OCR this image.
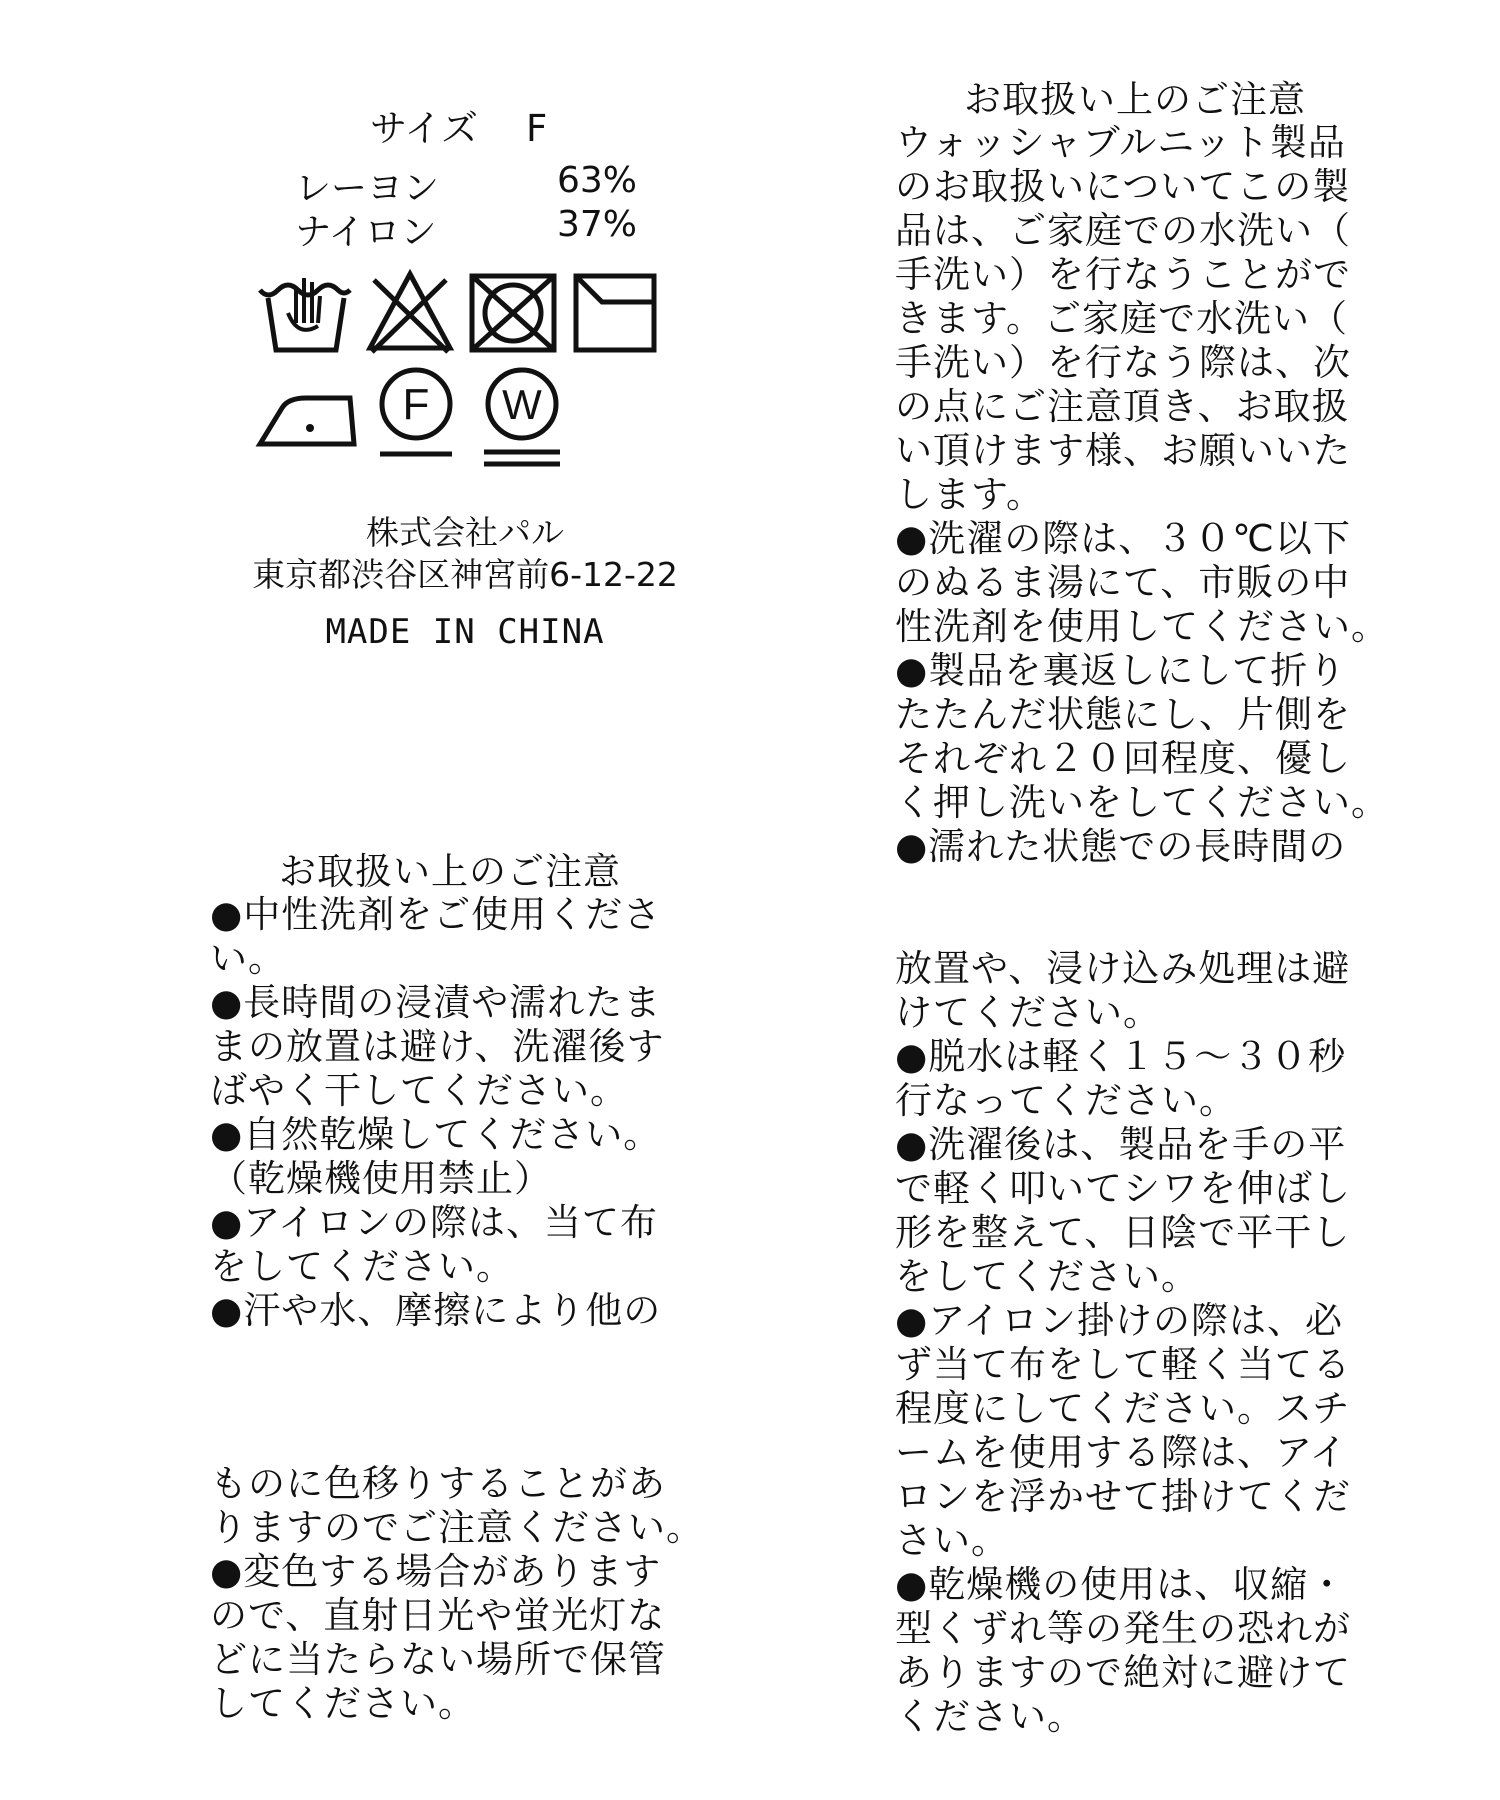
サイズ F
レーヨン	63%
ナイロン	37%
F W
株式会社パル
東京都渋谷区神宮前6-12-22
MADE IN CHINA
お取扱い上のご注意
●中性洗剤をご使用くださ
い。
●長時間の浸漬や濡れたま
まの放置は避け、洗濯後す
ばやく干してください。
●自然乾燥してください。
（乾燥機使用禁止）
●アイロンの際は、当て布
をしてください。
●汗や水、摩擦により他の
ものに色移りすることがあ
りますのでご注意ください。
●変色する場合があります
ので、直射日光や蛍光灯な
どに当たらない場所で保管
してください。
お取扱い上のご注意
ウォッシャブルニット製品
のお取扱いについてこの製
品は、ご家庭での水洗い（
手洗い）を行なうことがで
きます。ご家庭で水洗い（
手洗い）を行なう際は、次
の点にご注意頂き、お取扱
い頂けます様、お願いいた
します。
●洗濯の際は、３０℃以下
のぬるま湯にて、市販の中
性洗剤を使用してください。
●製品を裏返しにして折り
たたんだ状態にし、片側を
それぞれ２０回程度、優し
く押し洗いをしてください。
●濡れた状態での長時間の
放置や、浸け込み処理は避
けてください。
●脱水は軽く１５～３０秒
行なってください。
●洗濯後は、製品を手の平
で軽く叩いてシワを伸ばし
形を整えて、日陰で平干し
をしてください。
●アイロン掛けの際は、必
ず当て布をして軽く当てる
程度にしてください。スチ
ームを使用する際は、アイ
ロンを浮かせて掛けてくだ
さい。
●乾燥機の使用は、収縮・
型くずれ等の発生の恐れが
ありますので絶対に避けて
ください。
